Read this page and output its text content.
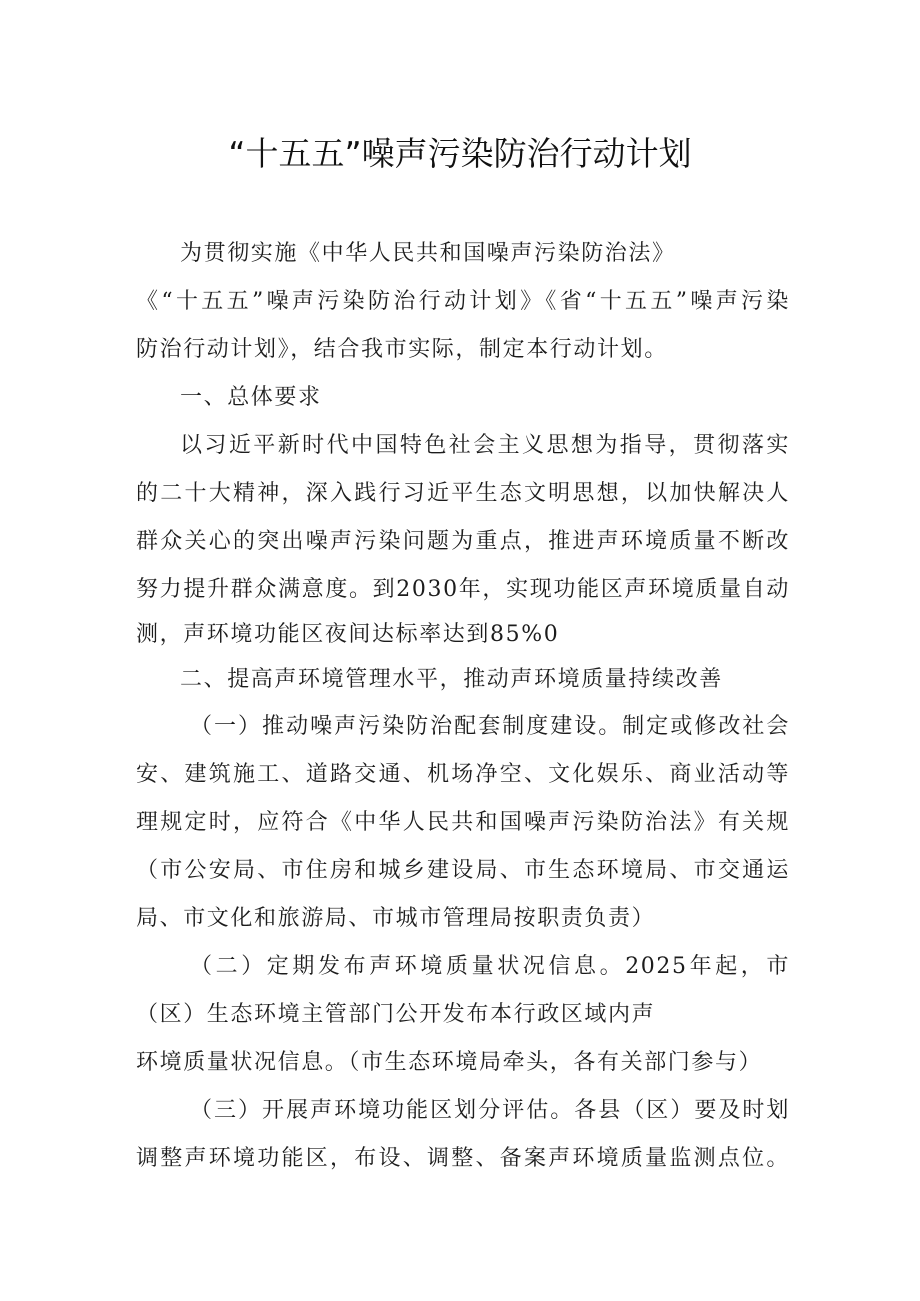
“十五五”噪声污染防治行动计划
为贯彻实施《中华人民共和国噪声污染防治法》
《“十五五”噪声污染防治行动计划》《省“十五五”噪声污染
防治行动计划》，结合我市实际，制定本行动计划。
一、总体要求
以习近平新时代中国特色社会主义思想为指导，贯彻落实
的二十大精神，深入践行习近平生态文明思想，以加快解决人
群众关心的突出噪声污染问题为重点，推进声环境质量不断改
努力提升群众满意度。到2030年，实现功能区声环境质量自动
测，声环境功能区夜间达标率达到85%0
二、提高声环境管理水平，推动声环境质量持续改善
（一）推动噪声污染防治配套制度建设。制定或修改社会
安、建筑施工、道路交通、机场净空、文化娱乐、商业活动等
理规定时，应符合《中华人民共和国噪声污染防治法》有关规
（市公安局、市住房和城乡建设局、市生态环境局、市交通运
局、市文化和旅游局、市城市管理局按职责负责）
（二）定期发布声环境质量状况信息。2025年起，市
（区）生态环境主管部门公开发布本行政区域内声
环境质量状况信息。（市生态环境局牵头，各有关部门参与）
（三）开展声环境功能区划分评估。各县（区）要及时划
调整声环境功能区，布设、调整、备案声环境质量监测点位。
